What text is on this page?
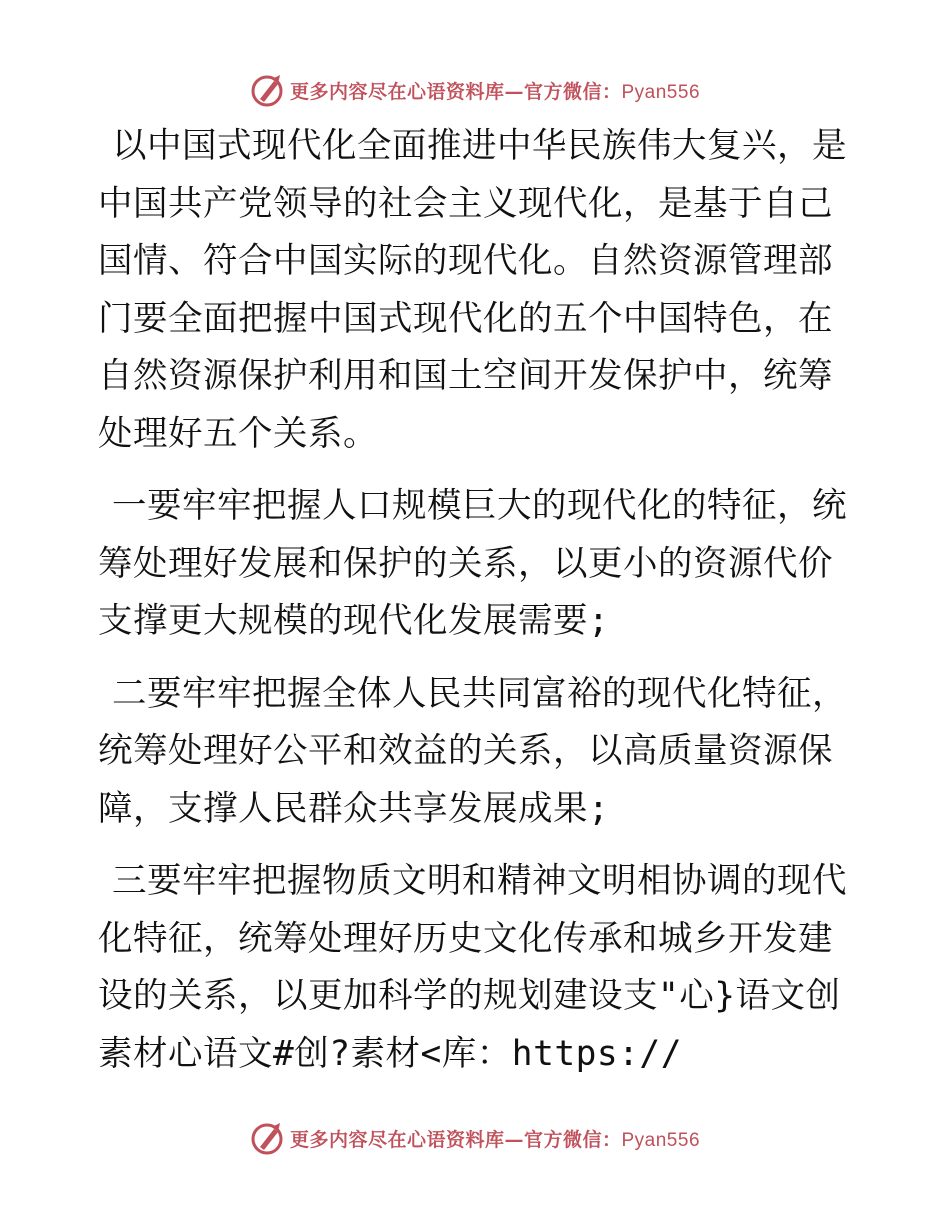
更多内容尽在心语资料库—官方微信：Pyan556

以中国式现代化全面推进中华民族伟大复兴，是中国共产党领导的社会主义现代化，是基于自己国情、符合中国实际的现代化。自然资源管理部门要全面把握中国式现代化的五个中国特色，在自然资源保护利用和国土空间开发保护中，统筹处理好五个关系。

一要牢牢把握人口规模巨大的现代化的特征，统筹处理好发展和保护的关系，以更小的资源代价支撑更大规模的现代化发展需要;

二要牢牢把握全体人民共同富裕的现代化特征，统筹处理好公平和效益的关系，以高质量资源保障，支撑人民群众共享发展成果;

三要牢牢把握物质文明和精神文明相协调的现代化特征，统筹处理好历史文化传承和城乡开发建设的关系，以更加科学的规划建设支"心}语文创素材心语文#创?素材<库：https://

更多内容尽在心语资料库—官方微信：Pyan556
